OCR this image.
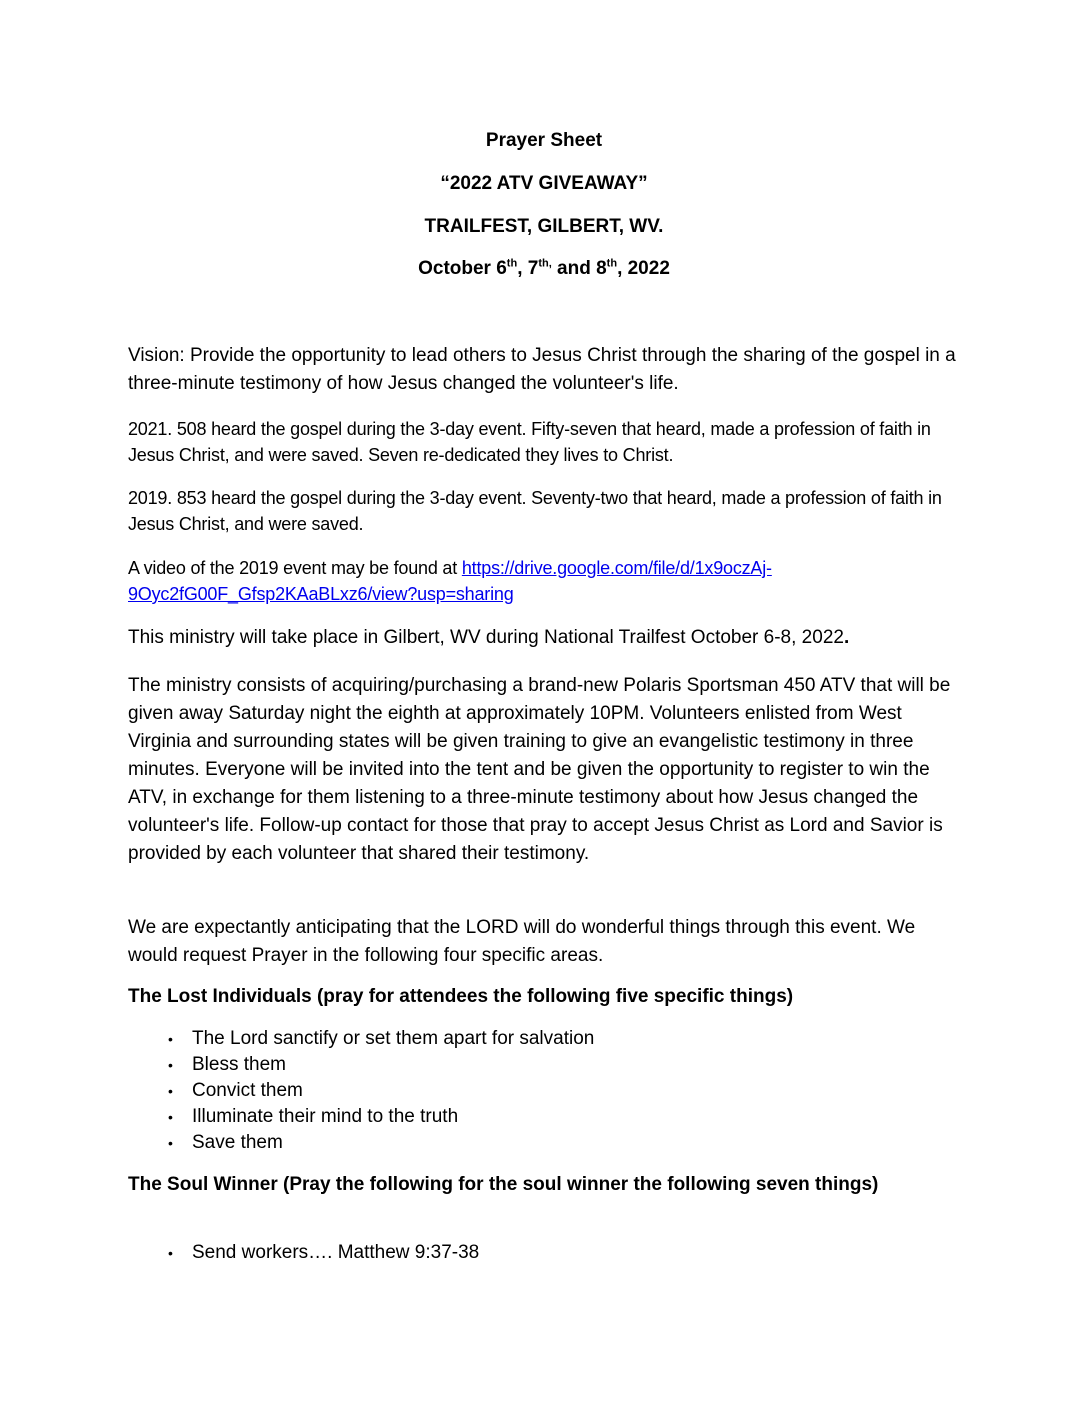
Prayer Sheet

“2022 ATV GIVEAWAY”

TRAILFEST, GILBERT, WV.

October 6th, $7^{th,}$ and 8th, 2022

Vision: Provide the opportunity to lead others to Jesus Christ through the sharing of the gospel in a three-minute testimony of how Jesus changed the volunteer's life.

2021. 508 heard the gospel during the 3-day event. Fifty-seven that heard, made a profession of faith in Jesus Christ, and were saved. Seven re-dedicated they lives to Christ.

2019. 853 heard the gospel during the 3-day event. Seventy-two that heard, made a profession of faith in Jesus Christ, and were saved.

A video of the 2019 event may be found at https://drive.google.com/file/d/1x9oczAj-9Oyc2fG00F_Gfsp2KAaBLxz6/view?usp=sharing

This ministry will take place in Gilbert, WV during National Trailfest October 6-8, 2022.

The ministry consists of acquiring/purchasing a brand-new Polaris Sportsman 450 ATV that will be given away Saturday night the eighth at approximately 10PM. Volunteers enlisted from West Virginia and surrounding states will be given training to give an evangelistic testimony in three minutes. Everyone will be invited into the tent and be given the opportunity to register to win the ATV, in exchange for them listening to a three-minute testimony about how Jesus changed the volunteer's life. Follow-up contact for those that pray to accept Jesus Christ as Lord and Savior is provided by each volunteer that shared their testimony.

We are expectantly anticipating that the LORD will do wonderful things through this event. We would request Prayer in the following four specific areas.

The Lost Individuals (pray for attendees the following five specific things)

• The Lord sanctify or set them apart for salvation
• Bless them
• Convict them
• Illuminate their mind to the truth
• Save them

The Soul Winner (Pray the following for the soul winner the following seven things)

• Send workers…. Matthew 9:37-38
